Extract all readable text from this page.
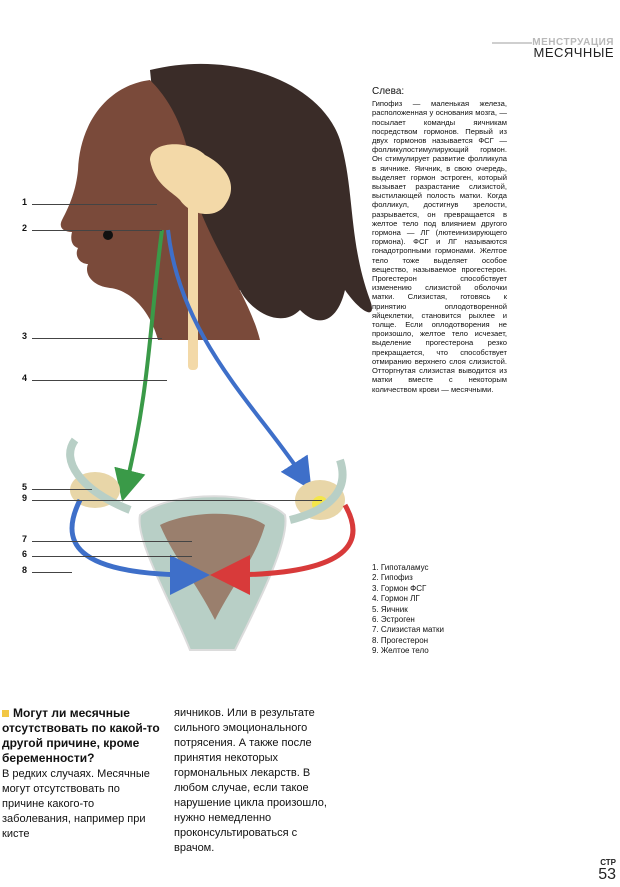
МЕНСТРУАЦИЯ
МЕСЯЧНЫЕ
1
2
3
4
5
9
7
6
8
Слева:

Гипофиз — маленькая железа, расположенная у основания мозга, — посылает команды яичникам посредством гормонов. Первый из двух гормонов называется ФСГ — фолликулостимулирующий гормон. Он стимулирует развитие фолликула в яичнике. Яичник, в свою очередь, выделяет гормон эстроген, который вызывает разрастание слизистой, выстилающей полость матки. Когда фолликул, достигнув зрелости, разрывается, он превращается в желтое тело под влиянием другого гормона — ЛГ (лютеинизирующего гормона). ФСГ и ЛГ называются гонадотропными гормонами. Желтое тело тоже выделяет особое вещество, называемое прогестерон. Прогестерон способствует изменению слизистой оболочки матки. Слизистая, готовясь к принятию оплодотворенной яйцеклетки, становится рыхлее и толще. Если оплодотворения не произошло, желтое тело исчезает, выделение прогестерона резко прекращается, что способствует отмиранию верхнего слоя слизистой. Отторгнутая слизистая выводится из матки вместе с некоторым количеством крови — месячными.

1. Гипоталамус
2. Гипофиз
3. Гормон ФСГ
4. Гормон ЛГ
5. Яичник
6. Эстроген
7. Слизистая матки
8. Прогестерон
9. Желтое тело
Могут ли месячные отсутствовать по какой-то другой причине, кроме беременности?
В редких случаях. Месячные могут отсутствовать по причине какого-то заболевания, например при кисте
яичников. Или в результате сильного эмоционального потрясения. А также после принятия некоторых гормональных лекарств. В любом случае, если такое нарушение цикла произошло, нужно немедленно проконсультироваться с врачом.
СТР
53
